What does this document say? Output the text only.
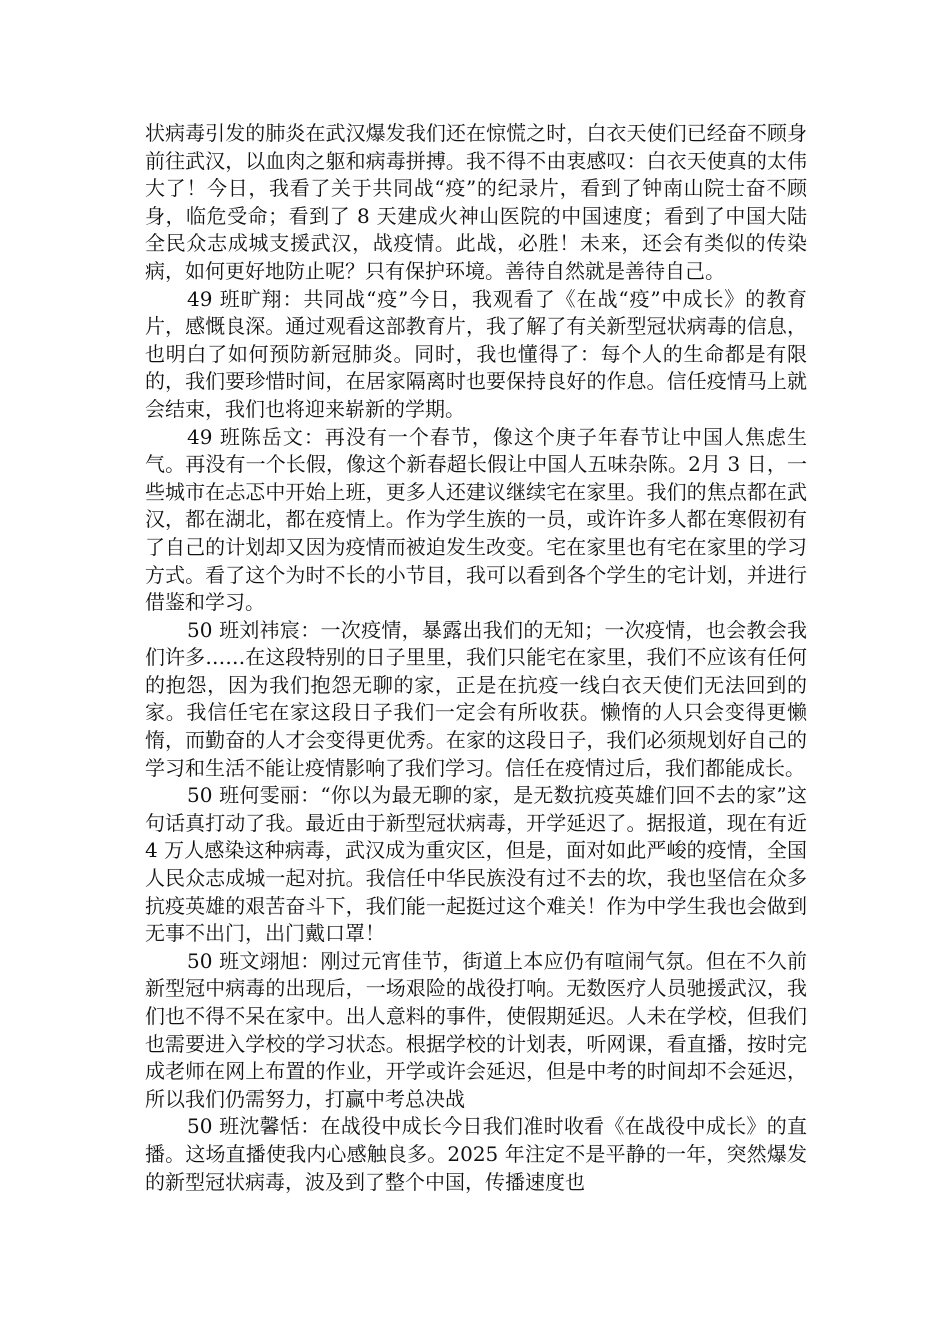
状病毒引发的肺炎在武汉爆发我们还在惊慌之时，白衣天使们已经奋不顾身前往武汉，以血肉之躯和病毒拼搏。我不得不由衷感叹：白衣天使真的太伟大了！今日，我看了关于共同战“疫”的纪录片，看到了钟南山院士奋不顾身，临危受命；看到了 8 天建成火神山医院的中国速度；看到了中国大陆全民众志成城支援武汉，战疫情。此战，必胜！未来，还会有类似的传染病，如何更好地防止呢？只有保护环境。善待自然就是善待自己。

49 班旷翔：共同战“疫”今日，我观看了《在战“疫”中成长》的教育片，感慨良深。通过观看这部教育片，我了解了有关新型冠状病毒的信息，也明白了如何预防新冠肺炎。同时，我也懂得了：每个人的生命都是有限的，我们要珍惜时间，在居家隔离时也要保持良好的作息。信任疫情马上就会结束，我们也将迎来崭新的学期。

49 班陈岳文：再没有一个春节，像这个庚子年春节让中国人焦虑生气。再没有一个长假，像这个新春超长假让中国人五味杂陈。2月 3 日，一些城市在忐忑中开始上班，更多人还建议继续宅在家里。我们的焦点都在武汉，都在湖北，都在疫情上。作为学生族的一员，或许许多人都在寒假初有了自己的计划却又因为疫情而被迫发生改变。宅在家里也有宅在家里的学习方式。看了这个为时不长的小节目，我可以看到各个学生的宅计划，并进行借鉴和学习。

50 班刘祎宸：一次疫情，暴露出我们的无知；一次疫情，也会教会我们许多……在这段特别的日子里里，我们只能宅在家里，我们不应该有任何的抱怨，因为我们抱怨无聊的家，正是在抗疫一线白衣天使们无法回到的家。我信任宅在家这段日子我们一定会有所收获。懒惰的人只会变得更懒惰，而勤奋的人才会变得更优秀。在家的这段日子，我们必须规划好自己的学习和生活不能让疫情影响了我们学习。信任在疫情过后，我们都能成长。

50 班何雯丽：“你以为最无聊的家，是无数抗疫英雄们回不去的家”这句话真打动了我。最近由于新型冠状病毒，开学延迟了。据报道，现在有近 4 万人感染这种病毒，武汉成为重灾区，但是，面对如此严峻的疫情，全国人民众志成城一起对抗。我信任中华民族没有过不去的坎，我也坚信在众多抗疫英雄的艰苦奋斗下，我们能一起挺过这个难关！作为中学生我也会做到无事不出门，出门戴口罩！

50 班文翊旭：刚过元宵佳节，街道上本应仍有喧闹气氛。但在不久前新型冠中病毒的出现后，一场艰险的战役打响。无数医疗人员驰援武汉，我们也不得不呆在家中。出人意料的事件，使假期延迟。人未在学校，但我们也需要进入学校的学习状态。根据学校的计划表，听网课，看直播，按时完成老师在网上布置的作业，开学或许会延迟，但是中考的时间却不会延迟，所以我们仍需努力，打赢中考总决战

50 班沈馨恬：在战役中成长今日我们准时收看《在战役中成长》的直播。这场直播使我内心感触良多。2025 年注定不是平静的一年，突然爆发的新型冠状病毒，波及到了整个中国，传播速度也
